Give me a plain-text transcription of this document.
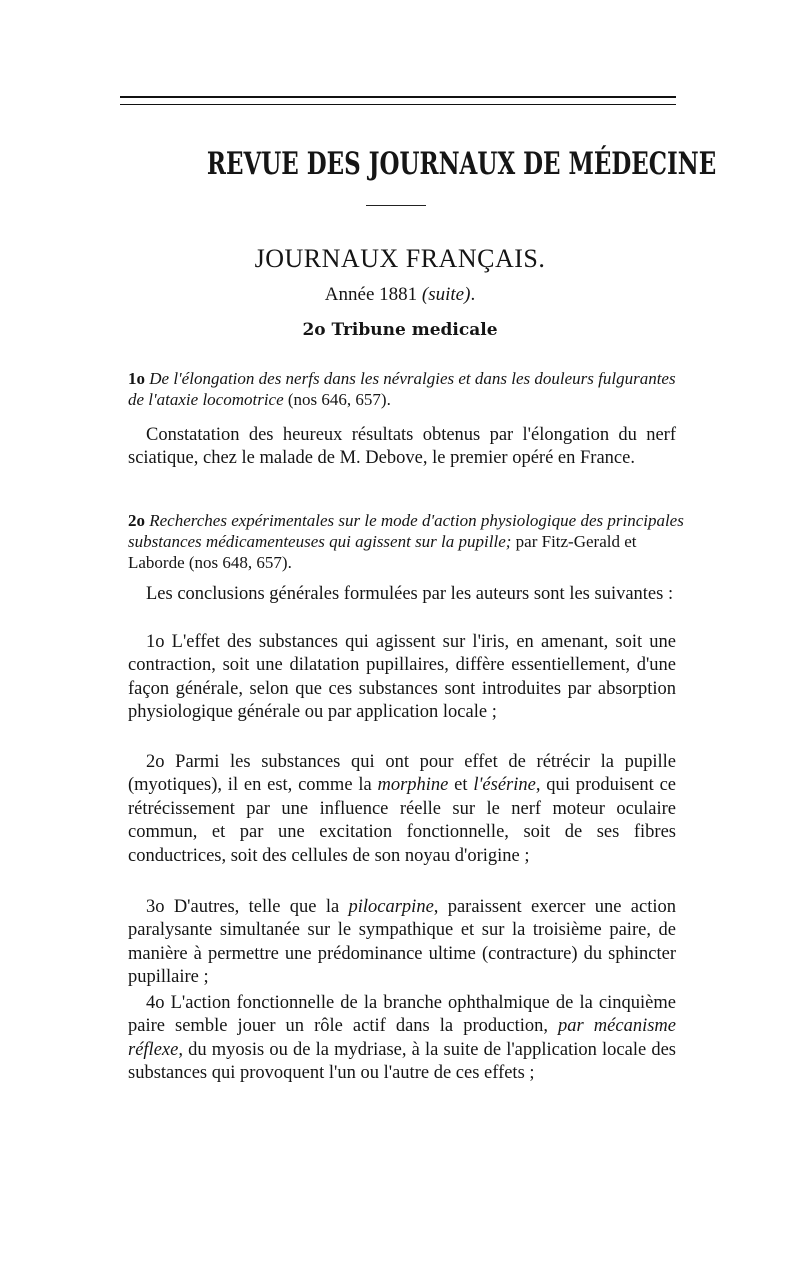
REVUE DES JOURNAUX DE MÉDECINE
JOURNAUX FRANÇAIS.
Année 1881 (suite).
2o Tribune medicale
1o De l'élongation des nerfs dans les névralgies et dans les douleurs fulgurantes de l'ataxie locomotrice (nos 646, 657).
Constatation des heureux résultats obtenus par l'élongation du nerf sciatique, chez le malade de M. Debove, le premier opéré en France.
2o Recherches expérimentales sur le mode d'action physiologique des principales substances médicamenteuses qui agissent sur la pupille; par Fitz-Gerald et Laborde (nos 648, 657).
Les conclusions générales formulées par les auteurs sont les suivantes :
1o L'effet des substances qui agissent sur l'iris, en amenant, soit une contraction, soit une dilatation pupillaires, diffère essentiellement, d'une façon générale, selon que ces substances sont introduites par absorption physiologique générale ou par application locale ;
2o Parmi les substances qui ont pour effet de rétrécir la pupille (myotiques), il en est, comme la morphine et l'ésérine, qui produisent ce rétrécissement par une influence réelle sur le nerf moteur oculaire commun, et par une excitation fonctionnelle, soit de ses fibres conductrices, soit des cellules de son noyau d'origine ;
3o D'autres, telle que la pilocarpine, paraissent exercer une action paralysante simultanée sur le sympathique et sur la troisième paire, de manière à permettre une prédominance ultime (contracture) du sphincter pupillaire ;
4o L'action fonctionnelle de la branche ophthalmique de la cinquième paire semble jouer un rôle actif dans la production, par mécanisme réflexe, du myosis ou de la mydriase, à la suite de l'application locale des substances qui provoquent l'un ou l'autre de ces effets ;
